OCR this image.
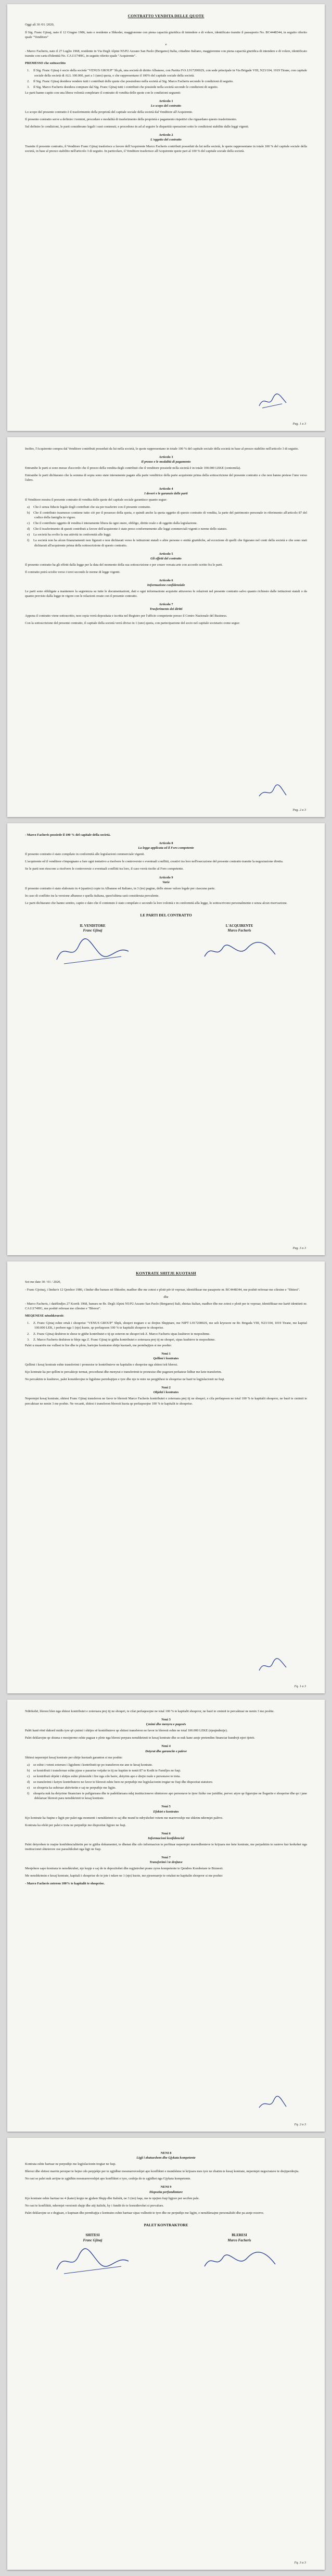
CONTRATTO VENDITA DELLE QUOTE
Oggi alì 30 /01 /2020,
Il Sig. Franc Gjinaj, nato il 12 Giugno 1986, nato e residente a Shkoder, maggiorenne con piena capacità giuridica di intendere e di volere, identificato tramite il passaporto No. BC4448344, in seguito riferito quale "Venditore"
e
- Marco Facheris, nato il 27 Luglio 1968, residente in Via Degli Alpini N5/P2 Azzano San Paolo (Bergamo) Italia, cittadino Italiano, maggiorenne con piena capacità giuridica di intendere e di volere, identificato tramite con carta d'identità No. CA11174HG, in seguito riferito quale "Acquirente".
PREMESSO che sottoscritto
1. Il Sig. Franc Gjinaj è socio della società "VENUS GROUP" Sh.pk, una società di diritto Albanese, con Partita IVA L91720002S, con sede principale in Via Brigade VIII, N23/104, 1019 Tirane, con capitale sociale della società di ALL 100.000, pari a 1 (uno) quota, e che rappresentano il 100% del capitale sociale della società.
2. Il Sig. Franc Gjinaj desidera vendere tutti i contributi delle quote che possiedono nella società al Sig. Marco Facheris secondo le condizioni di seguito.
3. Il Sig. Marco Facheris desidera comprare dal Sig. Franc Gjinaj tutti i contributi che possiede nella società secondo le condizioni di seguito.
Le parti hanno capito con una libera volontà completare il contratto di vendita delle quote con le condizioni seguenti:
Articolo 1
Lo scopo del contratto
Lo scopo del presente contratto è il trasferimento della proprietà del capitale sociale della società dal Venditore all'Acquirente.
Il presente contratto serve a definire i termini, procedure e modalità di trasferimento della proprietà e pagamento rispettivi che riguardano questo trasferimento.
Sul definire le condizioni, le parti considerano legali i suoi contenuti, e procedono in ad al seguire le disparitià operazioni sotto le condizioni stabilite dalle leggi vigenti.
Articolo 2
L'oggetto del contratto
Tramite il presente contratto, il Venditore Franc Gjinaj trasferisce a favore dell'Acquirente Marco Facheris contributi posseduti da lui nella società, le quote rappresentano in totale 100 % del capitale sociale della società, in base al prezzo stabilito nell'articolo 3 di seguito. In particolare, il Venditore trasferisce all'Acquirente quote pari al 100 % del capitale sociale della società.
Pag. 1 a 3
Inoltre, l'Acquirente compra dal Venditore contributi posseduti da lui nella società, le quote rappresentano in totale 100 % del capitale sociale della società in base al prezzo stabilito nell'articolo 3 di seguito.
Articolo 3
Il prezzo e le modalità di pagamento
Entrambe le parti si sono messe d'accordo che il prezzo della vendita degli contributi che il venditore possiede nella società è in totale 100.000 LEKE (centomila).
Entrambe le parti dichiarano che la somma di sopra sono state interamente pagate alla parte venditrice della parte acquirente prima della sottoscrizione del presente contratto e che non hanno pretese l'uno verso l'altro.
Articolo 4
I doveri e le garanzie delle parti
Il Venditore mostra il presente contratto di vendita delle quote del capitale sociale garantisce quanto segue:
a) Che è senza fiducie legale degli contributi che sia per trasferire con il presente contratto.
b) Che il contributo trasmesso contiene tutto ciò per il possesso della quota, e quindi anche la quota oggetto di questo contratto di vendita, la parte del patrimonio personale in riferimento all'articolo 87 del codice della famiglia in vigore.
c) Che il contributo oggetto di vendita è interamente libera da ogni onere, obbligo, diritto reale o di oggetto dalla legislazione.
d) Che il trasferimento di questi contributi a favore dell'acquirente è stato preso conformemente alle leggi commerciali vigenti e norme dello statuto.
e) La società ha svolto la sua attività in conformità alle leggi.
f) La società non ha alcun finanziamenti non figurati e non dichiarati verso le istituzioni statali o altre persone o entità giuridiche, ad eccezione di quelli che figurano nel conti della società e che sono stati dichiarati all'acquirente prima della sottoscrizione di questo contratto.
Articolo 5
Gli effetti del contratto
Il presente contratto ha gli effetti dalla legge per la data del momento della sua sottoscrizione e per creare versata arte con accordo scritto fra le parti.
Il contratto potrà sciolto verso i terzi secondo le norme di legge vigenti.
Articolo 6
Informazione confidenziale
Le parti sono obbligate a mantenere la segretezza su tutte le documentazioni, dati e ogni informazione acquisite attraverso le relazioni nel presente contratto salvo quanto richiesto dalle istituzioni statali o da quanto previsto dalla legge in vigore con le relazioni create con il presente contratto.
Articolo 7
Trasferimento dei diritti
Appena il contratto viene sottoscritto, non copia verrà depositata e iscritta nel Registro per l'ufficio competente presso il Centro Nazionale del Business.
Con la sottoscrizione del presente contratto, il capitale della società verrà diviso in 1 (uno) quota, con partecipazione del socio nel capitale societario come segue:
Pag. 2 a 3
- Marco Facheris possiede il 100 % del capitale della società.
Articolo 8
La legge applicata ed il Foro competente
Il presente contratto è stato compilato in conformità alle legislazioni commerciale vigenti.
L'acquirente ed il venditore s'impegnano a fare ogni tentativo a risolvere le controversie o eventuali conflitti, creativi tra loro nell'esecuzione del presente contratto tramite la negoziazione diretta.
Se le parti non riescono a risolvere le controversie o eventuali conflitti tra loro, il caso verrà risolto al Foro competente.
Articolo 9
Varie
Il presente contratto è stato elaborato in 4 (quattro) copie in Albanese ed Italiano, in 3 (tre) pagine, delle stesse valore legale per ciascuna parte.
In caso di conflitto tra la versione albanese e quella italiana, quest'ultima sarà considerata prevalente.
Le parti dichiarano che hanno sentito, capito e dato che il contenuto è stato compilato e secondo la loro volontà e in conformità alla legge, lo sottoscrivono personalmente e senza alcun riservazione.
LE PARTI DEL CONTRATTO
IL VENDITORE
Franc Gjinaj
L'ACQUIRENTE
Marco Facheris
Pag. 3 a 3
KONTRATE SHITJE KUOTASH
Sot me date 30 / 01 / 2020,
- Franc Gjoinaj, i lindur/e 12 Qershor 1986, i lindur dhe banues në Shkoder, madhor dhe me zotesi e plotë për të vepruar, identifikuar me pasaporte nr. BC4448344, me poshtë referuar me cilesine e "Shitesi".
dhe
- Marco Facheris, i datëlindjes 27 Korrik 1968, banues ne Rr. Degli Alpini N5/P2 Azzano San Paolo (Bergamo) Itali, shtetas Italian, madhor dhe me zotesi e plotë per te vepruar, identifikuar me kartë identiteti nr. CA11174HG, me poshtë referuar me cilesine e "Bleresi".
MEQENESE nënshkruesit:
1. Z. Franc Gjinaj eshte ortak i shoqerise "VENUS GROUP" Shpk, shoqeri tregtare e se drejtes Shqiptare, me NIPT L91720002S, me seli kryesore ne Rr. Brigada VIII, N23/104, 1019 Tirane, me kapital 100.000 LEK, i perbere nga 1 (nje) kuote, qe perfaqeson 100 % te kapitalit shoqeror te shoqerise.
2. Z. Franc Gjinaj deshiron te shese te gjithe kontributet e tij qe zoteron ne shoqeri tek Z. Marco Facheris sipas kushteve te meposhtme.
3. Z. Marco Facheris deshiron te bleje nga Z. Franc Gjinaj te gjitha kontributet e zoteruara prej tij ne shoqeri, sipas kushteve te meposhtme.
Palet u muarrën me vullnet te lire dhe te plote, hartojne kontraten shitje kuotash, me permbajtjen si me poshte:
Neni 1
Qellimi i kontrates
Qellimi i kesaj kontrate eshte transferimi i pronesise te kontributeve ne kapitalin e shoqerise nga shitesi tek bleresi.
Kjo kontrate ka per qellim te percaktoje termat, procedurat dhe menyrat e transferimit te pronesise dhe pagesen perkatese lidhur me kete transferim.
Ne percaktim te kushteve, palet konsiderojne te ligjshme permbajtjen e tyre dhe nje te mire ne pergjithesi te shoqerise ne bazë te legjislacionit ne fuqi.
Neni 2
Objekti i kontrates
Nepermjet kesaj kontrate, shitesi Franc Gjinaj transferon ne favor te bleresit Marco Facheris kontributet e zoteruara prej tij ne shoqeri, e cila perfaqeson ne total 100 % te kapitalit shoqeror, ne bazë te cmimit te percaktuar ne nenin 3 me poshte. Ne vecanti, shitesi i transferon bleresit kuota qe perfaqesojne 100 % te kapitalit te shoqerise.
Fq. 1 a 3
Ndërkohë, bleresi blen nga shitesi kontributet e zoteruara prej tij ne shoqeri, te cilat perfaqesojne ne total 100 % te kapitalit shoqeror, ne bazë te cmimit te percaktuar ne nenin 3 me poshte.
Neni 3
Çmimi dhe menyra e pagesës
Palët kanë rënë dakord midis tyre që çmimi i shitjes së kontributeve qe shitesi transferon ne favor te bleresit eshte ne total 100.000 LEKE (njeqindmije).
Palet deklarojne qe shuma e mesiperme eshte paguar e plote nga bleresi perpara nenshkrimit te kesaj kontrate dhe se nuk kane asnje pretendim financiar kundrejt njeri tjetrit.
Neni 4
Detyrat dhe garancite e paleve
Shitesi nepermjet kesaj kontrate per shitje kuotash garanton si me poshte:
a) se eshte i vetmi zoterues i ligjshem i kontributit qe po transferon me ane te kesaj kontrate.
b) se kontributi i transferuar eshte pjese e pasurise vetjake te tij ne kuptim te nenit 87 te Kodit te Familjes ne fuqi.
c) se kontributi objekt i shitjes eshte plotesisht i lire nga cdo barre, detyrim apo e drejte reale e personave te treta.
d) se transferimi i ketyre kontributeve ne favor te bleresit eshte bere ne perputhje me legjislacionin tregtar ne fuqi dhe dispozitat statutore.
e) se shoqeria ka ushtruar aktivitetin e saj ne perputhje me ligjin.
f) shoqeria nuk ka detyrime financiare te pafiguruara dhe te padeklaruara ndaj institucioneve shteterore apo personave te tjere fizike ose juridike, pervec atyre qe figurojne ne llogarite e shoqerise dhe qe i jane deklaruar bleresit para nenshkrimit te kesaj kontrate.
Neni 5
Efektet e kontrates
Kjo kontrate ka fuqine e ligjit per palet nga momenti i nenshkrimit te saj dhe mund te ndryshohet vetem me marreveshje me shkrim ndermjet palëve.
Kontrata ka efekt per palet e treta ne perputhje me dispozitat ligjore ne fuqi.
Neni 6
Informacioni konfidencial
Palet detyrohen te ruajne konfidencialitetin per te gjitha dokumentet, te dhenat dhe cdo informacion te perfituar nepermjet marredhenieve te krijuara me kete kontrate, me perjashtim te rasteve kur kerkohet nga institucionet shteterore ose parashikohet nga ligji ne fuqi.
Neni 7
Transferimi i te drejtave
Menjehere sapo kontrata te nenshkruhet, nje kopje e saj do te depozitohet dhe regjistrohet prane zyres kompetente te Qendres Kombetare te Biznesit.
Me nenshkrimin e kesaj kontrate, kapitali i shoqerise do te jete i ndare ne 1 (nje) kuote, me pjesemarrje te ortakut ne kapitalin shoqeror si me poshte:
- Marco Facheris zoteron 100% te kapitalit te shoqerise.
Fq. 2 a 3
NENI 8
Ligji i zbatueshem dhe Gjykata kompetente
Kontrata eshte hartuar ne perputhje me legjislacionin tregtar ne fuqi.
Bleresi dhe shitesi marrin persiper te bejne cdo perpjekje per te zgjidhur mosmarreveshjet apo konfliktet e mundshme te krijuara mes tyre ne zbatim te kesaj kontrate, nepermjet negociatave te drejtperdrejta.
Ne rast se palet nuk arrijne te zgjidhin mosmarreveshjet apo konfliktet e tyre, ceshtja do te zgjidhet nga Gjykata kompetente.
NENI 9
Dispozita perfundimtare
Kjo kontrate eshte hartuar ne 4 (kater) kopje ne gjuhen Shqip dhe Italisht, ne 3 (tre) faqe, me te njejten fuqi ligjore per secilen pale.
Ne rast te konfliktit, ndermjet versionit shqip dhe atij italisht, ky i fundit do te konsiderohet si prevalues.
Palet deklarojne se e degjuan, e kuptuan dhe permbajtja e kontrates eshte hartuar sipas vullnetit te tyre dhe ne perputhje me ligjin, e nenshkruajne personalisht dhe pa asnje rezerve.
PALET KONTRAKTORE
SHITESI
Franc Gjinaj
BLERESI
Marco Facheris
Fq. 3 a 3
